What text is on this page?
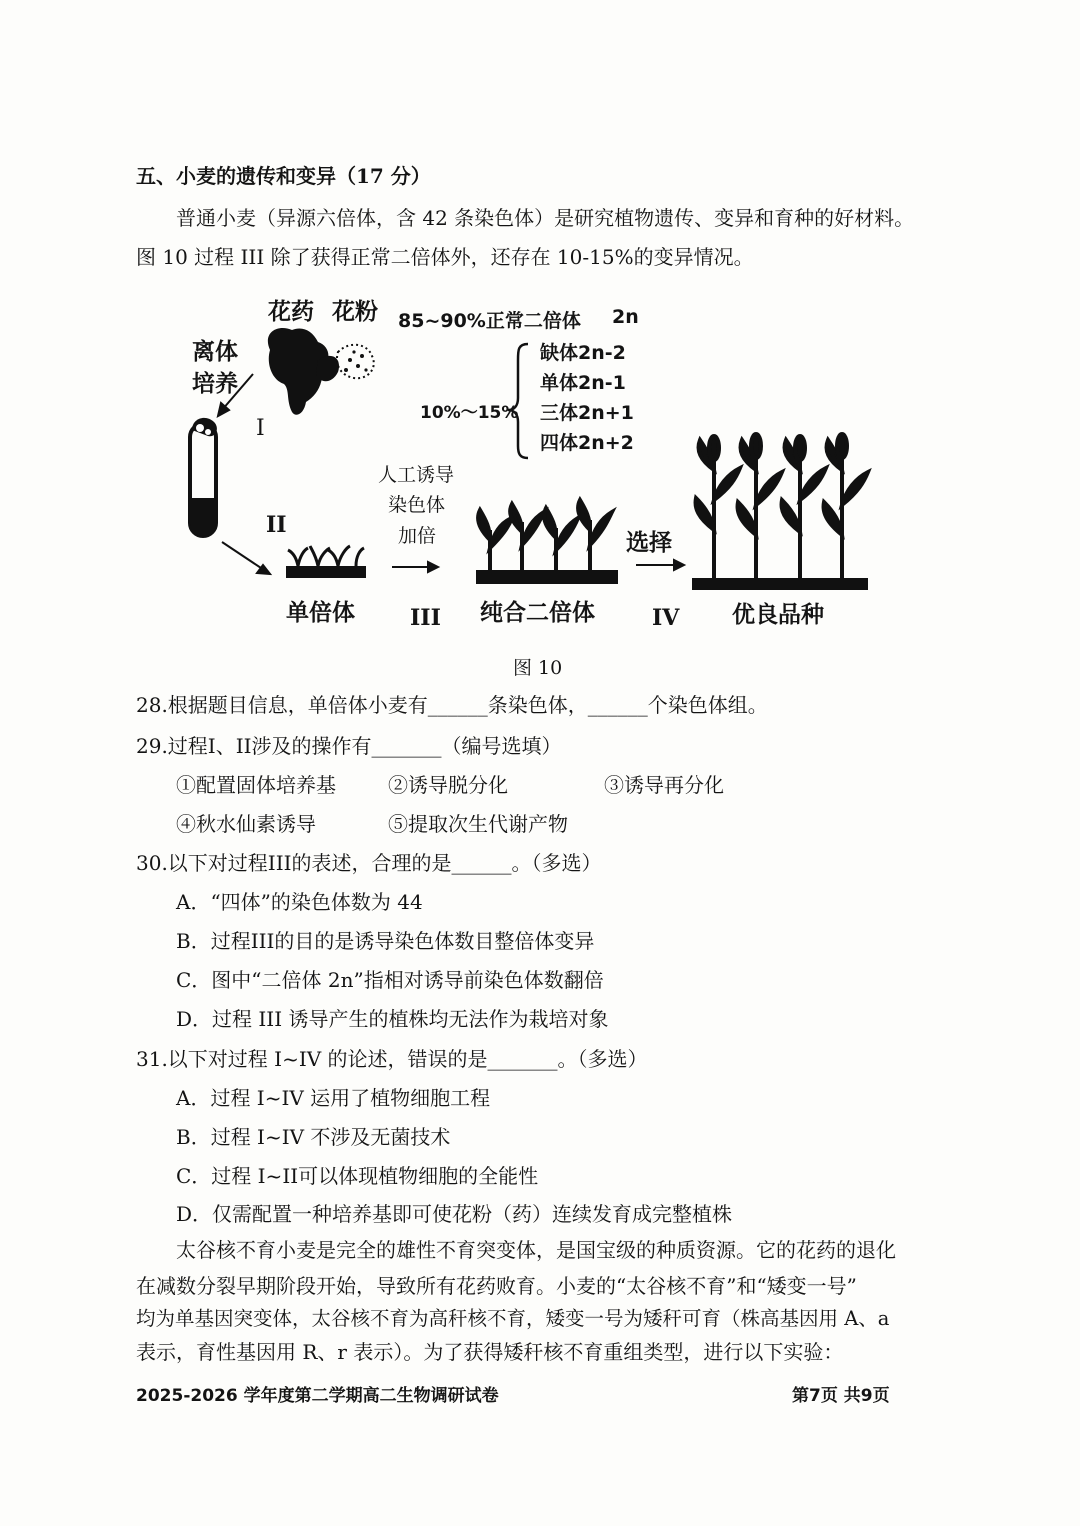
五、小麦的遗传和变异（17 分）
普通小麦（异源六倍体，含 42 条染色体）是研究植物遗传、变异和育种的好材料。
图 10 过程 III 除了获得正常二倍体外，还存在 10-15%的变异情况。
花药 花粉
离体
培养
85~90%正常二倍体 2n
10%～15%
缺体2n-2
单体2n-1
三体2n+1
四体2n+2
I
II
人工诱导
染色体
加倍	选择
单倍体	III 纯合二倍体	IV 优良品种
图 10
28.根据题目信息，单倍体小麦有______条染色体，______个染色体组。
29.过程I、II涉及的操作有_______（编号选填）
①配置固体培养基	②诱导脱分化	③诱导再分化
④秋水仙素诱导	⑤提取次生代谢产物
30.以下对过程III的表述，合理的是______。（多选）
A．“四体”的染色体数为 44
B．过程III的目的是诱导染色体数目整倍体变异
C．图中“二倍体 2n”指相对诱导前染色体数翻倍
D．过程 III 诱导产生的植株均无法作为栽培对象
31.以下对过程 I~IV 的论述，错误的是_______。（多选）
A．过程 I~IV 运用了植物细胞工程
B．过程 I~IV 不涉及无菌技术
C．过程 I~II可以体现植物细胞的全能性
D．仅需配置一种培养基即可使花粉（药）连续发育成完整植株
太谷核不育小麦是完全的雄性不育突变体，是国宝级的种质资源。它的花药的退化
在减数分裂早期阶段开始，导致所有花药败育。小麦的“太谷核不育”和“矮变一号”
均为单基因突变体，太谷核不育为高秆核不育，矮变一号为矮秆可育（株高基因用 A、a
表示，育性基因用 R、r 表示）。为了获得矮秆核不育重组类型，进行以下实验：
2025-2026 学年度第二学期高二生物调研试卷	第7页 共9页
